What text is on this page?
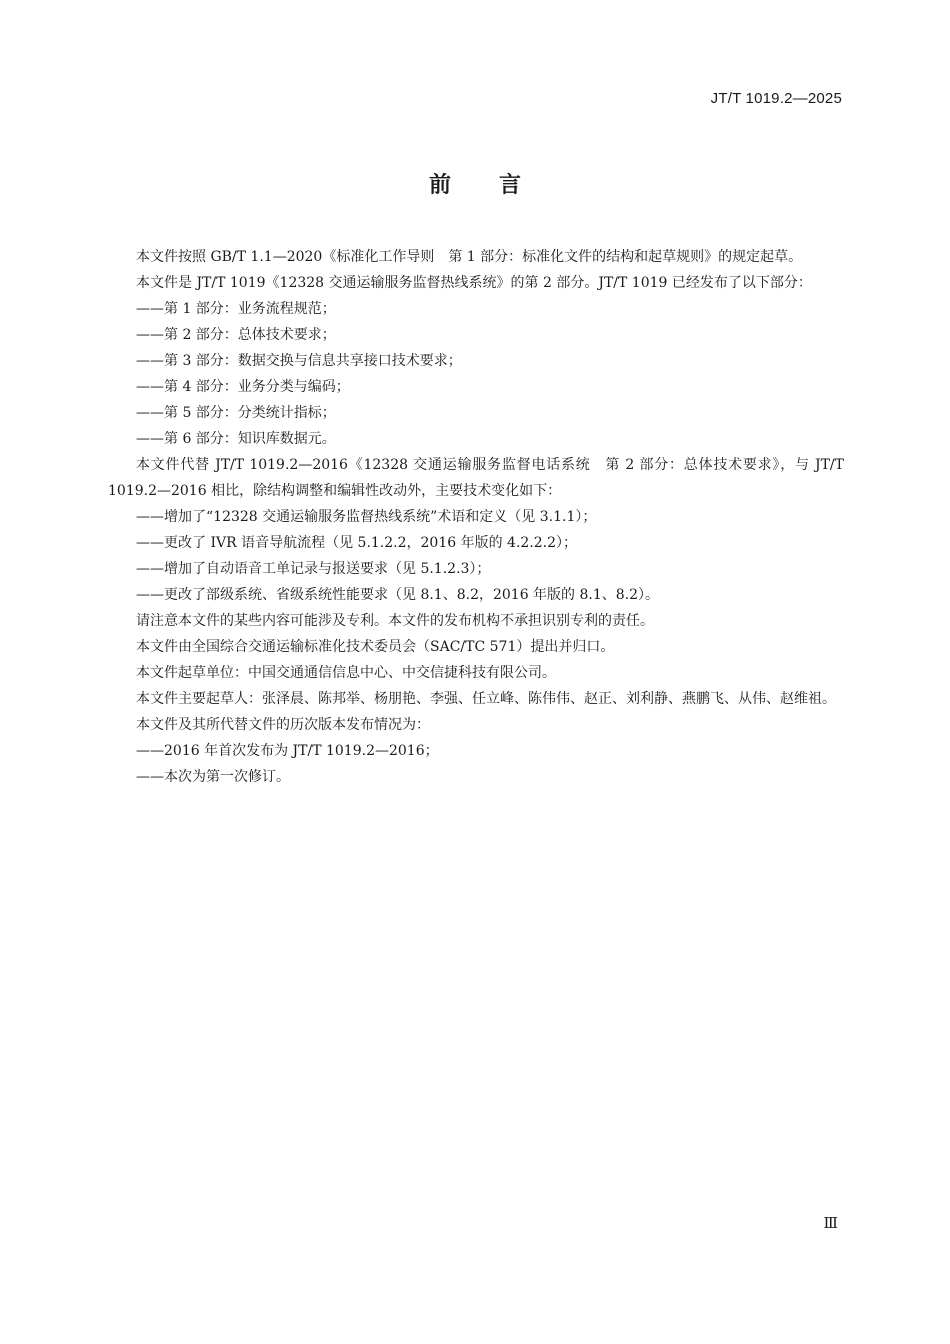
JT/T 1019.2—2025
前言

本文件按照 GB/T 1.1—2020《标准化工作导则　第 1 部分：标准化文件的结构和起草规则》的规定起草。

本文件是 JT/T 1019《12328 交通运输服务监督热线系统》的第 2 部分。JT/T 1019 已经发布了以下部分：

——第 1 部分：业务流程规范；

——第 2 部分：总体技术要求；

——第 3 部分：数据交换与信息共享接口技术要求；

——第 4 部分：业务分类与编码；

——第 5 部分：分类统计指标；

——第 6 部分：知识库数据元。

本文件代替 JT/T 1019.2—2016《12328 交通运输服务监督电话系统　第 2 部分：总体技术要求》，与 JT/T 1019.2—2016 相比，除结构调整和编辑性改动外，主要技术变化如下：

——增加了“12328 交通运输服务监督热线系统”术语和定义（见 3.1.1）；

——更改了 IVR 语音导航流程（见 5.1.2.2，2016 年版的 4.2.2.2）；

——增加了自动语音工单记录与报送要求（见 5.1.2.3）；

——更改了部级系统、省级系统性能要求（见 8.1、8.2，2016 年版的 8.1、8.2）。

请注意本文件的某些内容可能涉及专利。本文件的发布机构不承担识别专利的责任。

本文件由全国综合交通运输标准化技术委员会（SAC/TC 571）提出并归口。

本文件起草单位：中国交通通信信息中心、中交信捷科技有限公司。

本文件主要起草人：张泽晨、陈邦举、杨朋艳、李强、任立峰、陈伟伟、赵正、刘利静、燕鹏飞、从伟、赵维祖。

本文件及其所代替文件的历次版本发布情况为：

——2016 年首次发布为 JT/T 1019.2—2016；

——本次为第一次修订。

Ⅲ
